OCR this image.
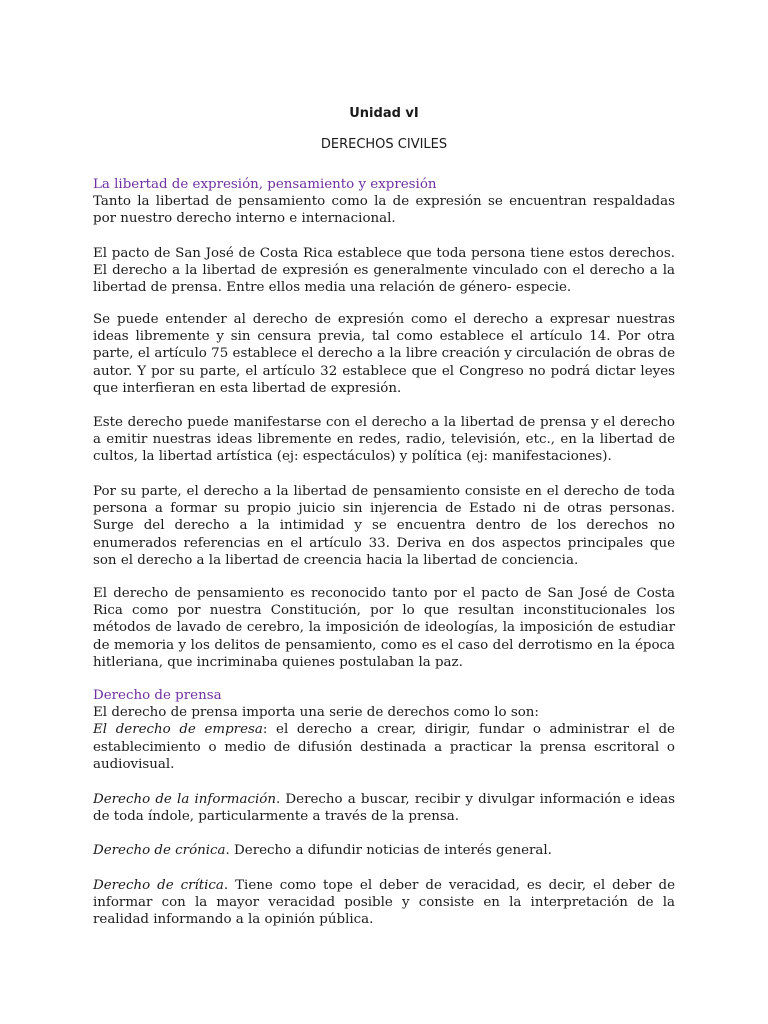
Unidad vI
DERECHOS CIVILES

La libertad de expresión, pensamiento y expresión

Tanto la libertad de pensamiento como la de expresión se encuentran respaldadas por nuestro derecho interno e internacional.

El pacto de San José de Costa Rica establece que toda persona tiene estos derechos. El derecho a la libertad de expresión es generalmente vinculado con el derecho a la libertad de prensa. Entre ellos media una relación de género- especie.

Se puede entender al derecho de expresión como el derecho a expresar nuestras ideas libremente y sin censura previa, tal como establece el artículo 14. Por otra parte, el artículo 75 establece el derecho a la libre creación y circulación de obras de autor. Y por su parte, el artículo 32 establece que el Congreso no podrá dictar leyes que interfieran en esta libertad de expresión.

Este derecho puede manifestarse con el derecho a la libertad de prensa y el derecho a emitir nuestras ideas libremente en redes, radio, televisión, etc., en la libertad de cultos, la libertad artística (ej: espectáculos) y política (ej: manifestaciones).

Por su parte, el derecho a la libertad de pensamiento consiste en el derecho de toda persona a formar su propio juicio sin injerencia de Estado ni de otras personas. Surge del derecho a la intimidad y se encuentra dentro de los derechos no enumerados referencias en el artículo 33. Deriva en dos aspectos principales que son el derecho a la libertad de creencia hacia la libertad de conciencia.

El derecho de pensamiento es reconocido tanto por el pacto de San José de Costa Rica como por nuestra Constitución, por lo que resultan inconstitucionales los métodos de lavado de cerebro, la imposición de ideologías, la imposición de estudiar de memoria y los delitos de pensamiento, como es el caso del derrotismo en la época hitleriana, que incriminaba quienes postulaban la paz.

Derecho de prensa

El derecho de prensa importa una serie de derechos como lo son:

El derecho de empresa: el derecho a crear, dirigir, fundar o administrar el de establecimiento o medio de difusión destinada a practicar la prensa escritoral o audiovisual.

Derecho de la información. Derecho a buscar, recibir y divulgar información e ideas de toda índole, particularmente a través de la prensa.

Derecho de crónica. Derecho a difundir noticias de interés general.

Derecho de crítica. Tiene como tope el deber de veracidad, es decir, el deber de informar con la mayor veracidad posible y consiste en la interpretación de la realidad informando a la opinión pública.
